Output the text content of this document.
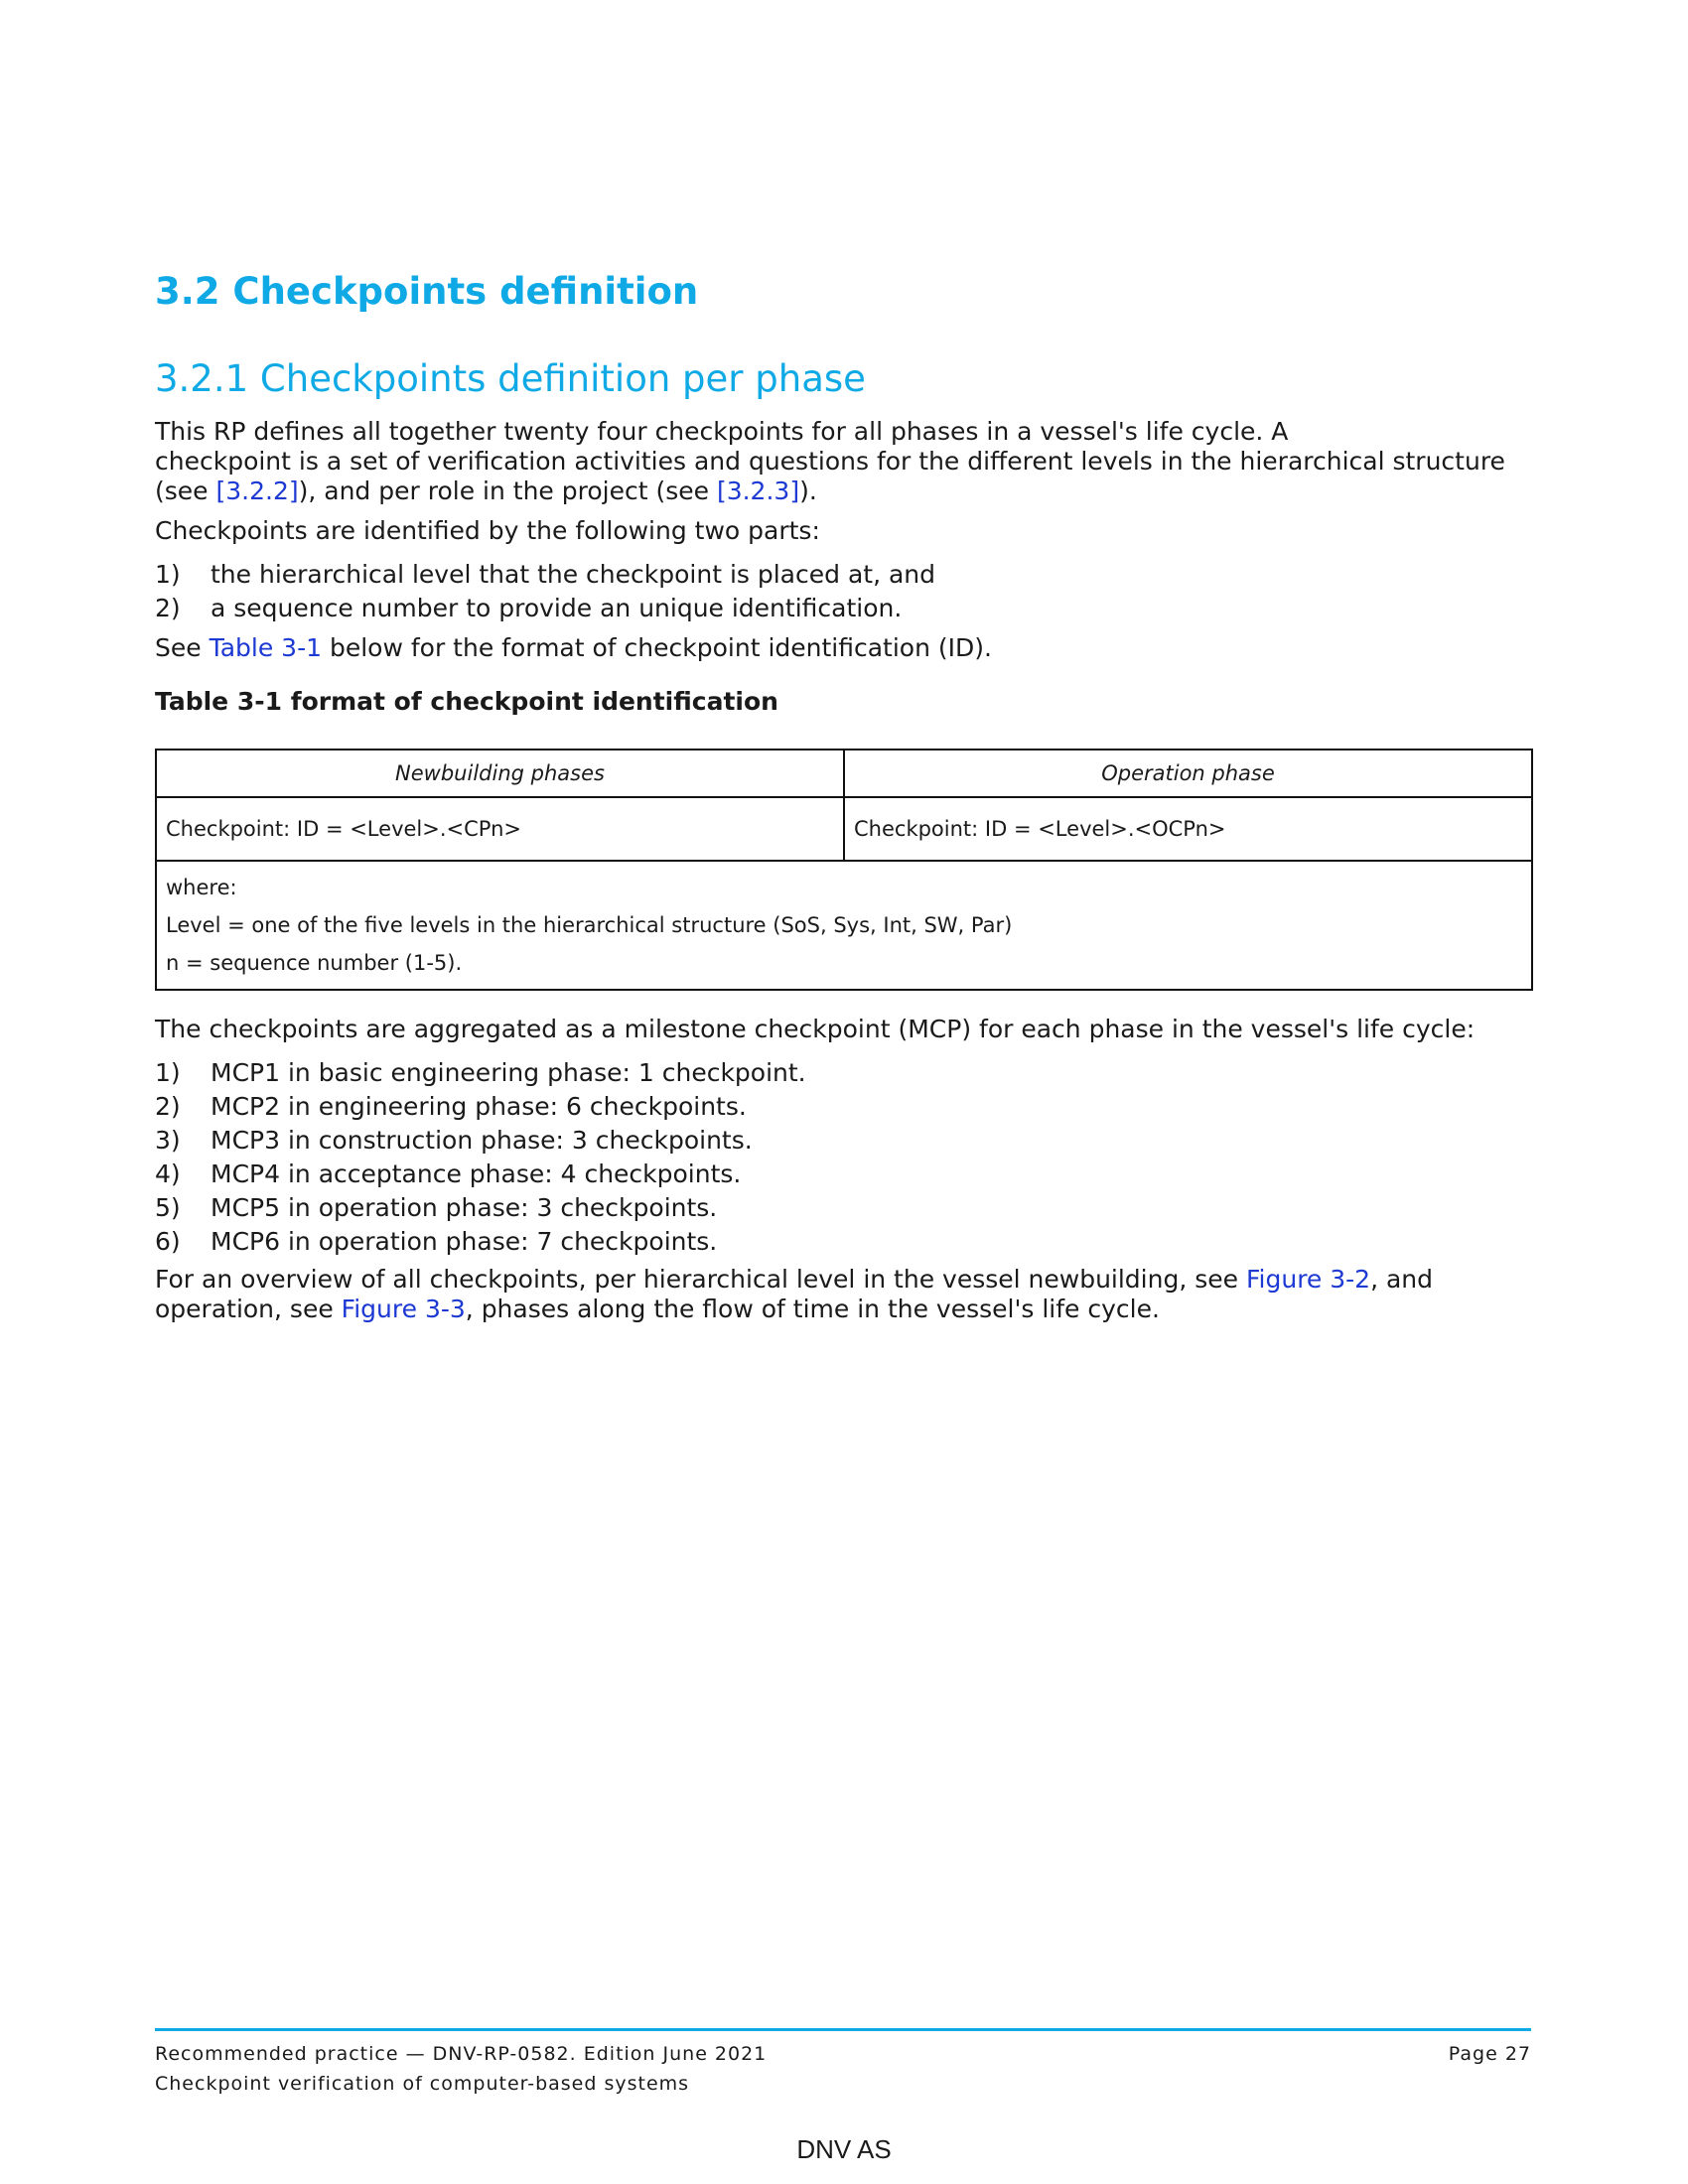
3.2 Checkpoints definition
3.2.1 Checkpoints definition per phase
This RP defines all together twenty four checkpoints for all phases in a vessel's life cycle. A
checkpoint is a set of verification activities and questions for the different levels in the hierarchical structure
(see [3.2.2]), and per role in the project (see [3.2.3]).
Checkpoints are identified by the following two parts:
1)	the hierarchical level that the checkpoint is placed at, and
2)	a sequence number to provide an unique identification.
See Table 3-1 below for the format of checkpoint identification (ID).
Table 3-1 format of checkpoint identification
Newbuilding phases	Operation phase
Checkpoint: ID = <Level>.<CPn>	Checkpoint: ID = <Level>.<OCPn>

where:
Level = one of the five levels in the hierarchical structure (SoS, Sys, Int, SW, Par)
n = sequence number (1-5).	
The checkpoints are aggregated as a milestone checkpoint (MCP) for each phase in the vessel's life cycle:
1)	MCP1 in basic engineering phase: 1 checkpoint.
2)	MCP2 in engineering phase: 6 checkpoints.
3)	MCP3 in construction phase: 3 checkpoints.
4)	MCP4 in acceptance phase: 4 checkpoints.
5)	MCP5 in operation phase: 3 checkpoints.
6)	MCP6 in operation phase: 7 checkpoints.
For an overview of all checkpoints, per hierarchical level in the vessel newbuilding, see Figure 3-2, and
operation, see Figure 3-3, phases along the flow of time in the vessel's life cycle.
Recommended practice — DNV-RP-0582. Edition June 2021	Page 27
Checkpoint verification of computer-based systems
DNV AS
